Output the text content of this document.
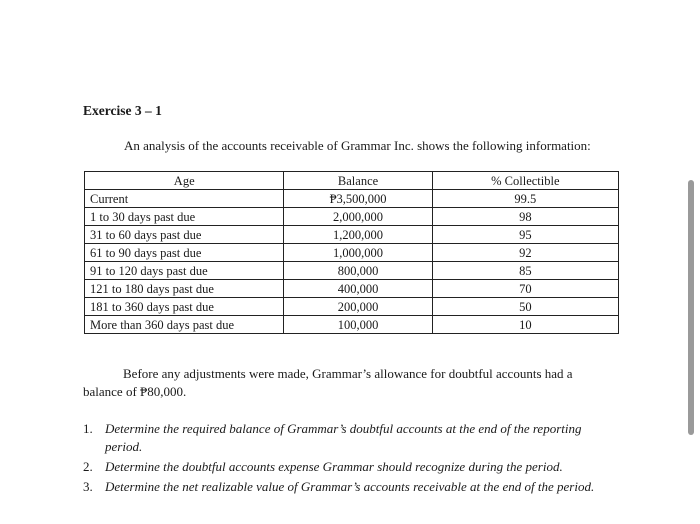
Exercise 3 – 1

An analysis of the accounts receivable of Grammar Inc. shows the following information:

Age	Balance	% Collectible
Current	₱3,500,000	99.5
1 to 30 days past due	2,000,000	98
31 to 60 days past due	1,200,000	95
61 to 90 days past due	1,000,000	92
91 to 120 days past due	800,000	85
121 to 180 days past due	400,000	70
181 to 360 days past due	200,000	50
More than 360 days past due	100,000	10

Before any adjustments were made, Grammar’s allowance for doubtful accounts had a balance of ₱80,000.

1. Determine the required balance of Grammar’s doubtful accounts at the end of the reporting period.
2. Determine the doubtful accounts expense Grammar should recognize during the period.
3. Determine the net realizable value of Grammar’s accounts receivable at the end of the period.
